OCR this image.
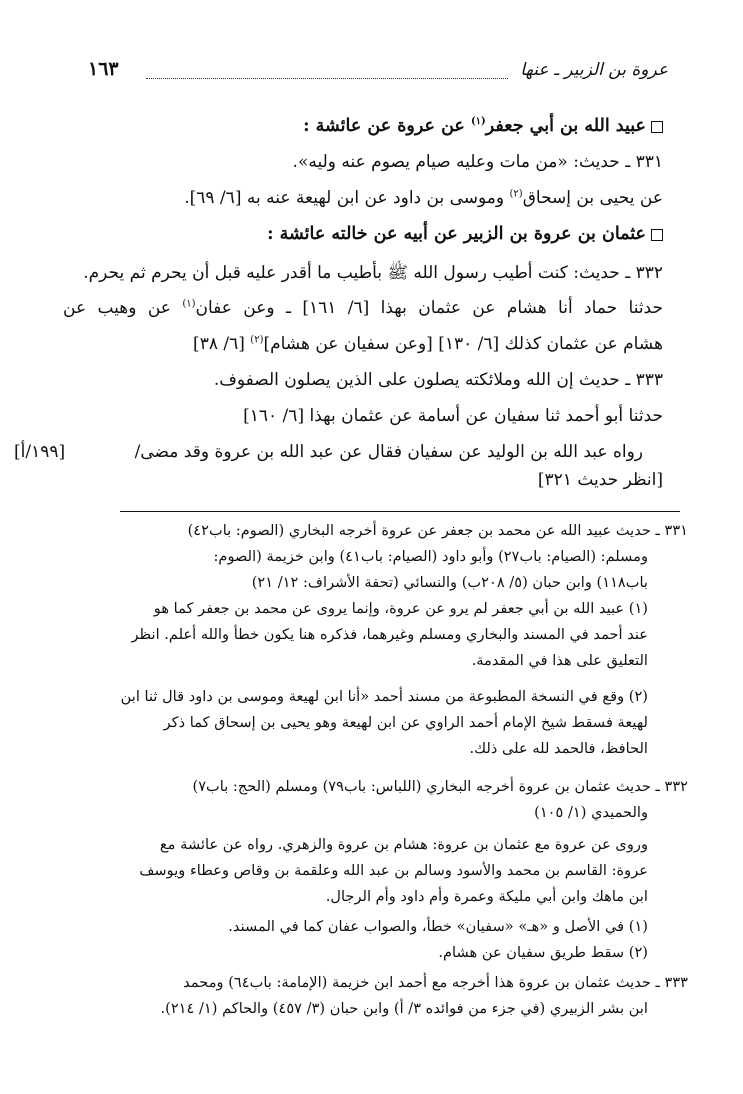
عروة بن الزبير ـ عنها
١٦٣
عبيد الله بن أبي جعفر$^{(١)}$ عن عروة عن عائشة :
٣٣١ ـ حديث: «من مات وعليه صيام يصوم عنه وليه».
عن يحيى بن إسحاق$^{(٢)}$ وموسى بن داود عن ابن لهيعة عنه به [٦/ ٦٩].
عثمان بن عروة بن الزبير عن أبيه عن خالته عائشة :
٣٣٢ ـ حديث: كنت أطيب رسول الله ﷺ بأطيب ما أقدر عليه قبل أن يحرم ثم يحرم.
حدثنا حماد أنا هشام عن عثمان بهذا [٦/ ١٦١] ـ وعن عفان$^{(١)}$ عن وهيب عن
هشام عن عثمان كذلك [٦/ ١٣٠] [وعن سفيان عن هشام]$^{(٢)}$ [٦/ ٣٨]
٣٣٣ ـ حديث إن الله وملائكته يصلون على الذين يصلون الصفوف.
حدثنا أبو أحمد ثنا سفيان عن أسامة عن عثمان بهذا [٦/ ١٦٠]
رواه عبد الله بن الوليد عن سفيان فقال عن عبد الله بن عروة وقد مضى/
[١٩٩/أ]
[انظر حديث ٣٢١]
٣٣١ ـ حديث عبيد الله عن محمد بن جعفر عن عروة أخرجه البخاري (الصوم: باب٤٢)
ومسلم: (الصيام: باب٢٧) وأبو داود (الصيام: باب٤١) وابن خزيمة (الصوم:
باب١١٨) وابن حبان (٥/ ٢٠٨ب) والنسائي (تحفة الأشراف: ١٢/ ٢١)
(١) عبيد الله بن أبي جعفر لم يرو عن عروة، وإنما يروى عن محمد بن جعفر كما هو
عند أحمد في المسند والبخاري ومسلم وغيرهما، فذكره هنا يكون خطأ والله أعلم. انظر
التعليق على هذا في المقدمة.
(٢) وقع في النسخة المطبوعة من مسند أحمد «أنا ابن لهيعة وموسى بن داود قال ثنا ابن
لهيعة فسقط شيخ الإمام أحمد الراوي عن ابن لهيعة وهو يحيى بن إسحاق كما ذكر
الحافظ، فالحمد لله على ذلك.
٣٣٢ ـ حديث عثمان بن عروة أخرجه البخاري (اللباس: باب٧٩) ومسلم (الحج: باب٧)
والحميدي (١/ ١٠٥)
وروى عن عروة مع عثمان بن عروة: هشام بن عروة والزهري. رواه عن عائشة مع
عروة: القاسم بن محمد والأسود وسالم بن عبد الله وعلقمة بن وقاص وعطاء ويوسف
ابن ماهك وابن أبي مليكة وعمرة وأم داود وأم الرجال.
(١) في الأصل و «هـ» «سفيان» خطأ، والصواب عفان كما في المسند.
(٢) سقط طريق سفيان عن هشام.
٣٣٣ ـ حديث عثمان بن عروة هذا أخرجه مع أحمد ابن خزيمة (الإمامة: باب٦٤) ومحمد
ابن بشر الزبيري (في جزء من فوائده ٣/ أ) وابن حبان (٣/ ٤٥٧) والحاكم (١/ ٢١٤).
